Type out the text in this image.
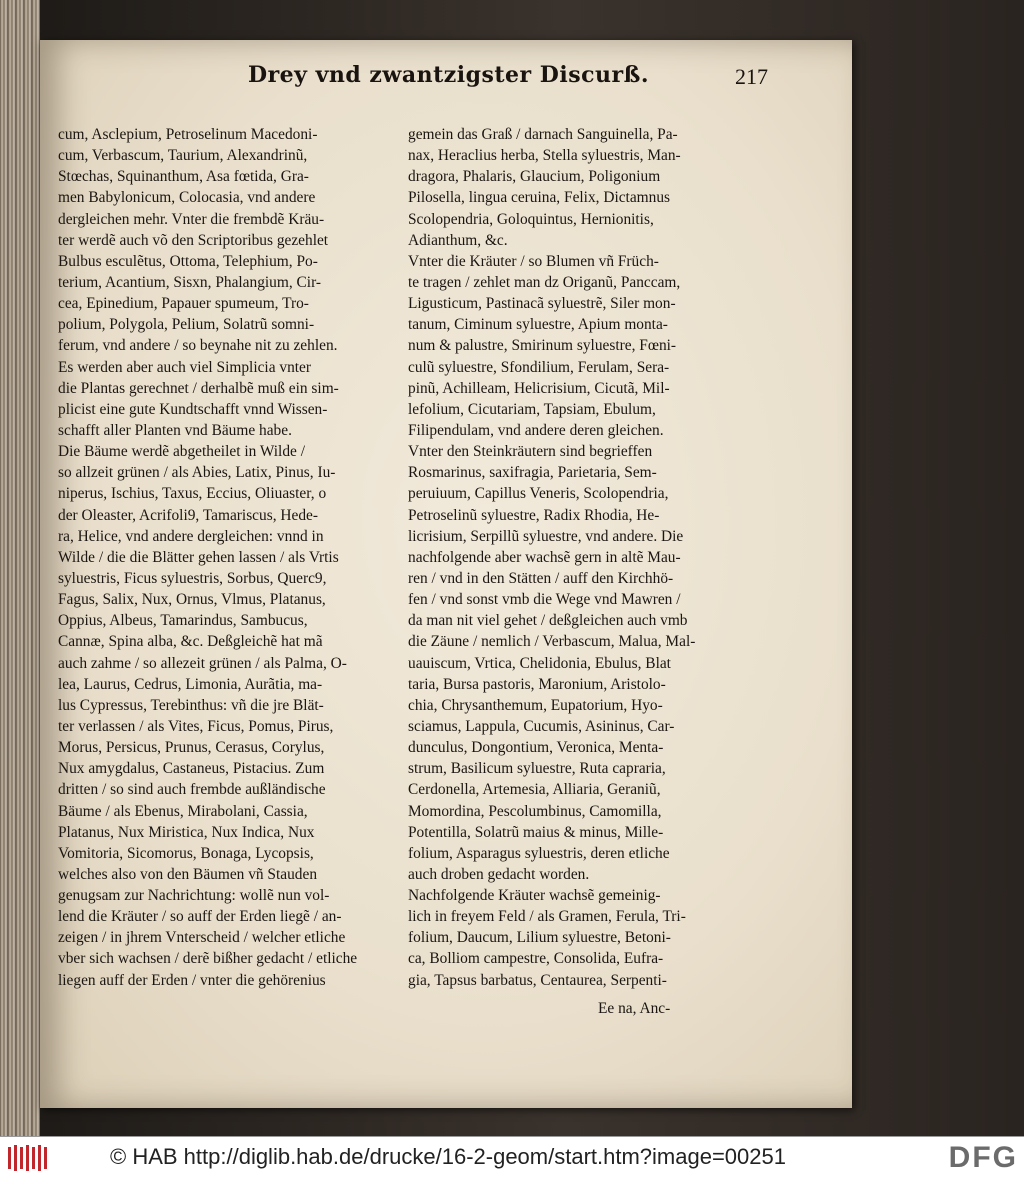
Drey vnd zwantzigster Discurß.	217
cum, Asclepium, Petroselinum Macedoni-
cum, Verbascum, Taurium, Alexandrinũ,
Stœchas, Squinanthum, Asa fœtida, Gra-
men Babylonicum, Colocasia, vnd andere
dergleichen mehr. Vnter die frembdẽ Kräu-
ter werdẽ auch võ den Scriptoribus gezehlet
Bulbus esculẽtus, Ottoma, Telephium, Po-
terium, Acantium, Sisxn, Phalangium, Cir-
cea, Epinedium, Papauer spumeum, Tro-
polium, Polygola, Pelium, Solatrũ somni-
ferum, vnd andere / so beynahe nit zu zehlen.
Es werden aber auch viel Simplicia vnter
die Plantas gerechnet / derhalbẽ muß ein sim-
plicist eine gute Kundtschafft vnnd Wissen-
schafft aller Planten vnd Bäume habe.
Die Bäume werdẽ abgetheilet in Wilde /
so allzeit grünen / als Abies, Latix, Pinus, Iu-
niperus, Ischius, Taxus, Eccius, Oliuaster, o
der Oleaster, Acrifoli9, Tamariscus, Hede-
ra, Helice, vnd andere dergleichen: vnnd in
Wilde / die die Blätter gehen lassen / als Vrtis
syluestris, Ficus syluestris, Sorbus, Querc9,
Fagus, Salix, Nux, Ornus, Vlmus, Platanus,
Oppius, Albeus, Tamarindus, Sambucus,
Cannæ, Spina alba, &c. Deßgleichẽ hat mã
auch zahme / so allezeit grünen / als Palma, O-
lea, Laurus, Cedrus, Limonia, Aurãtia, ma-
lus Cypressus, Terebinthus: vñ die jre Blät-
ter verlassen / als Vites, Ficus, Pomus, Pirus,
Morus, Persicus, Prunus, Cerasus, Corylus,
Nux amygdalus, Castaneus, Pistacius. Zum
dritten / so sind auch frembde außländische
Bäume / als Ebenus, Mirabolani, Cassia,
Platanus, Nux Miristica, Nux Indica, Nux
Vomitoria, Sicomorus, Bonaga, Lycopsis,
welches also von den Bäumen vñ Stauden
genugsam zur Nachrichtung: wollẽ nun vol-
lend die Kräuter / so auff der Erden liegẽ / an-
zeigen / in jhrem Vnterscheid / welcher etliche
vber sich wachsen / derẽ bißher gedacht / etliche
liegen auff der Erden / vnter die gehörenius
gemein das Graß / darnach Sanguinella, Pa-
nax, Heraclius herba, Stella syluestris, Man-
dragora, Phalaris, Glaucium, Poligonium
Pilosella, lingua ceruina, Felix, Dictamnus
Scolopendria, Goloquintus, Hernionitis,
Adianthum, &c.
Vnter die Kräuter / so Blumen vñ Früch-
te tragen / zehlet man dz Origanũ, Panccam,
Ligusticum, Pastinacã syluestrẽ, Siler mon-
tanum, Ciminum syluestre, Apium monta-
num & palustre, Smirinum syluestre, Fœni-
culũ syluestre, Sfondilium, Ferulam, Sera-
pinũ, Achilleam, Helicrisium, Cicutã, Mil-
lefolium, Cicutariam, Tapsiam, Ebulum,
Filipendulam, vnd andere deren gleichen.
Vnter den Steinkräutern sind begrieffen
Rosmarinus, saxifragia, Parietaria, Sem-
peruiuum, Capillus Veneris, Scolopendria,
Petroselinũ syluestre, Radix Rhodia, He-
licrisium, Serpillũ syluestre, vnd andere. Die
nachfolgende aber wachsẽ gern in altẽ Mau-
ren / vnd in den Stätten / auff den Kirchhö-
fen / vnd sonst vmb die Wege vnd Mawren /
da man nit viel gehet / deßgleichen auch vmb
die Zäune / nemlich / Verbascum, Malua, Mal-
uauiscum, Vrtica, Chelidonia, Ebulus, Blat
taria, Bursa pastoris, Maronium, Aristolo-
chia, Chrysanthemum, Eupatorium, Hyo-
sciamus, Lappula, Cucumis, Asininus, Car-
dunculus, Dongontium, Veronica, Menta-
strum, Basilicum syluestre, Ruta capraria,
Cerdonella, Artemesia, Alliaria, Geraniũ,
Momordina, Pescolumbinus, Camomilla,
Potentilla, Solatrũ maius & minus, Mille-
folium, Asparagus syluestris, deren etliche
auch droben gedacht worden.
Nachfolgende Kräuter wachsẽ gemeinig-
lich in freyem Feld / als Gramen, Ferula, Tri-
folium, Daucum, Lilium syluestre, Betoni-
ca, Bolliom campestre, Consolida, Eufra-
gia, Tapsus barbatus, Centaurea, Serpenti-
Ee na, Anc-
© HAB http://diglib.hab.de/drucke/16-2-geom/start.htm?image=00251	DFG
